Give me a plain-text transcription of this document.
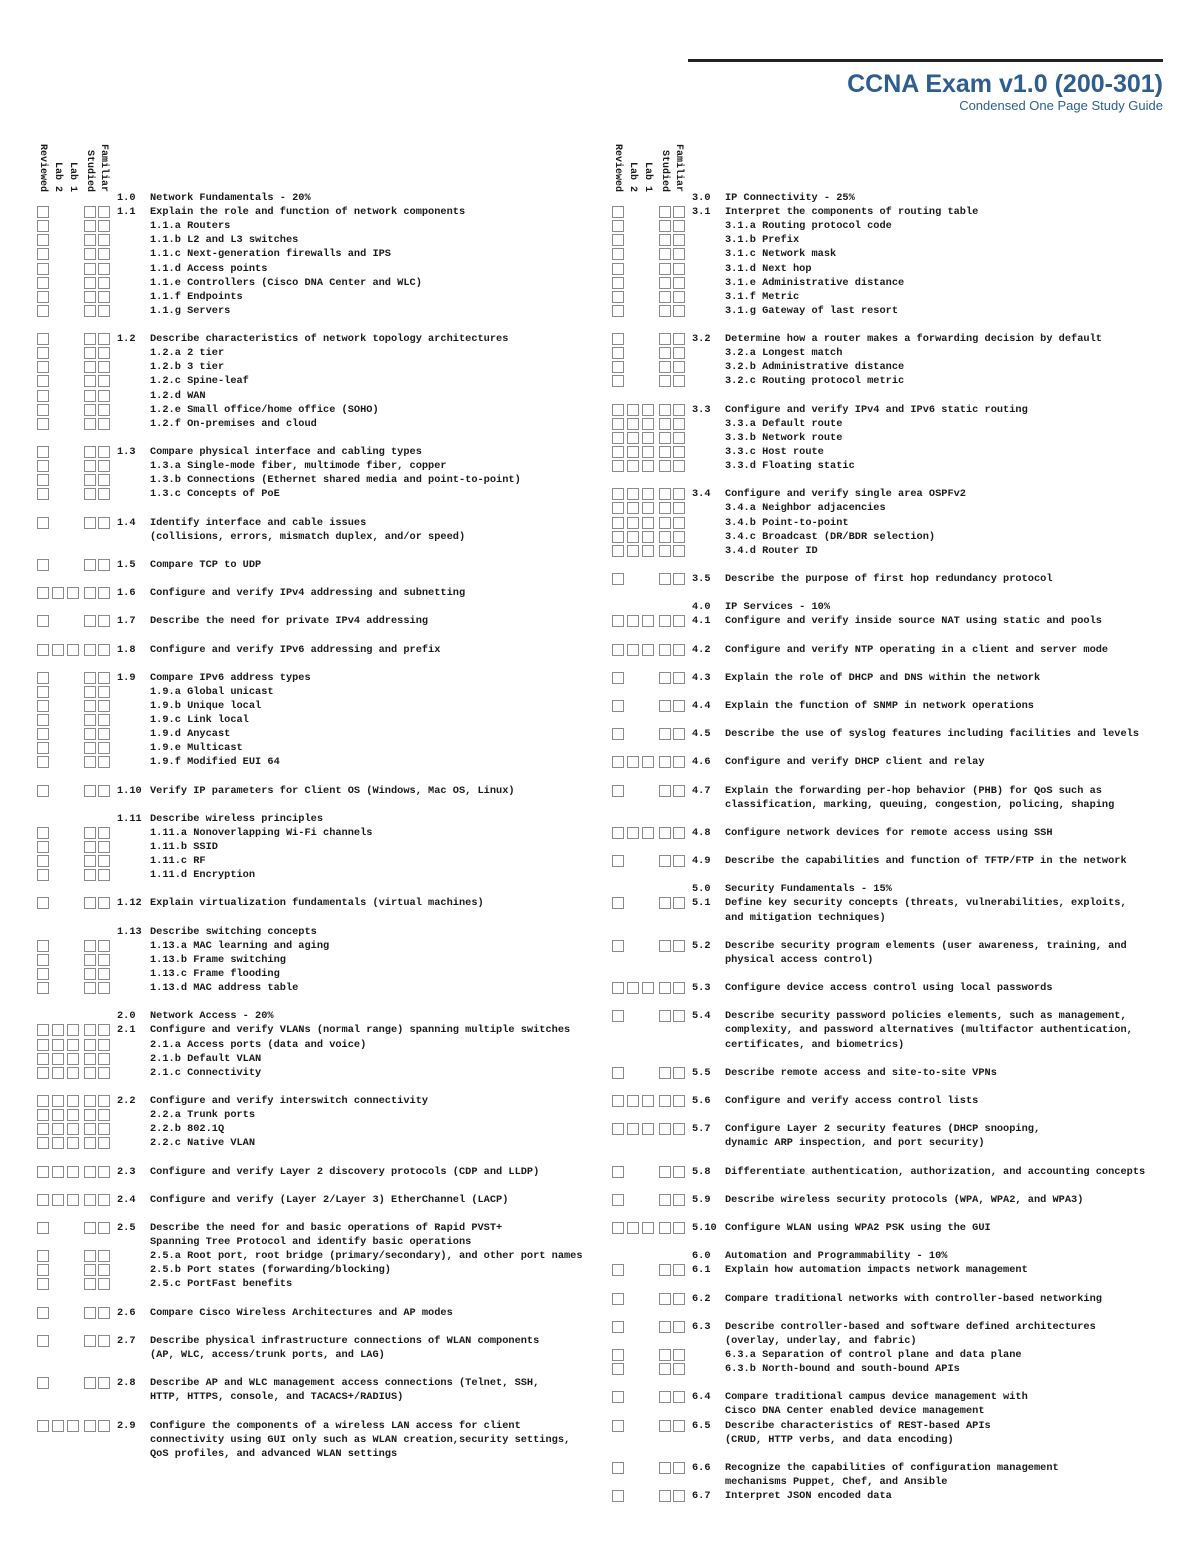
CCNA Exam v1.0 (200-301)
Condensed One Page Study Guide
Reviewed Lab 2 Lab 1 Studied Familiar	Reviewed Lab 2 Lab 1 Studied Familiar
1.0 Network Fundamentals - 20%
1.1 Explain the role and function of network components
1.1.a Routers
1.1.b L2 and L3 switches
1.1.c Next-generation firewalls and IPS
1.1.d Access points
1.1.e Controllers (Cisco DNA Center and WLC)
1.1.f Endpoints
1.1.g Servers
1.2 Describe characteristics of network topology architectures
1.2.a 2 tier
1.2.b 3 tier
1.2.c Spine-leaf
1.2.d WAN
1.2.e Small office/home office (SOHO)
1.2.f On-premises and cloud
1.3 Compare physical interface and cabling types
1.3.a Single-mode fiber, multimode fiber, copper
1.3.b Connections (Ethernet shared media and point-to-point)
1.3.c Concepts of PoE
1.4 Identify interface and cable issues
(collisions, errors, mismatch duplex, and/or speed)
1.5 Compare TCP to UDP
1.6 Configure and verify IPv4 addressing and subnetting
1.7 Describe the need for private IPv4 addressing
1.8 Configure and verify IPv6 addressing and prefix
1.9 Compare IPv6 address types
1.9.a Global unicast
1.9.b Unique local
1.9.c Link local
1.9.d Anycast
1.9.e Multicast
1.9.f Modified EUI 64
1.10 Verify IP parameters for Client OS (Windows, Mac OS, Linux)
1.11 Describe wireless principles
1.11.a Nonoverlapping Wi-Fi channels
1.11.b SSID
1.11.c RF
1.11.d Encryption
1.12 Explain virtualization fundamentals (virtual machines)
1.13 Describe switching concepts
1.13.a MAC learning and aging
1.13.b Frame switching
1.13.c Frame flooding
1.13.d MAC address table
2.0 Network Access - 20%
2.1 Configure and verify VLANs (normal range) spanning multiple switches
2.1.a Access ports (data and voice)
2.1.b Default VLAN
2.1.c Connectivity
2.2 Configure and verify interswitch connectivity
2.2.a Trunk ports
2.2.b 802.1Q
2.2.c Native VLAN
2.3 Configure and verify Layer 2 discovery protocols (CDP and LLDP)
2.4 Configure and verify (Layer 2/Layer 3) EtherChannel (LACP)
2.5 Describe the need for and basic operations of Rapid PVST+
Spanning Tree Protocol and identify basic operations
2.5.a Root port, root bridge (primary/secondary), and other port names
2.5.b Port states (forwarding/blocking)
2.5.c PortFast benefits
2.6 Compare Cisco Wireless Architectures and AP modes
2.7 Describe physical infrastructure connections of WLAN components
(AP, WLC, access/trunk ports, and LAG)
2.8 Describe AP and WLC management access connections (Telnet, SSH,
HTTP, HTTPS, console, and TACACS+/RADIUS)
2.9 Configure the components of a wireless LAN access for client
connectivity using GUI only such as WLAN creation,security settings,
QoS profiles, and advanced WLAN settings
3.0 IP Connectivity - 25%
3.1 Interpret the components of routing table
3.1.a Routing protocol code
3.1.b Prefix
3.1.c Network mask
3.1.d Next hop
3.1.e Administrative distance
3.1.f Metric
3.1.g Gateway of last resort
3.2 Determine how a router makes a forwarding decision by default
3.2.a Longest match
3.2.b Administrative distance
3.2.c Routing protocol metric
3.3 Configure and verify IPv4 and IPv6 static routing
3.3.a Default route
3.3.b Network route
3.3.c Host route
3.3.d Floating static
3.4 Configure and verify single area OSPFv2
3.4.a Neighbor adjacencies
3.4.b Point-to-point
3.4.c Broadcast (DR/BDR selection)
3.4.d Router ID
3.5 Describe the purpose of first hop redundancy protocol
4.0 IP Services - 10%
4.1 Configure and verify inside source NAT using static and pools
4.2 Configure and verify NTP operating in a client and server mode
4.3 Explain the role of DHCP and DNS within the network
4.4 Explain the function of SNMP in network operations
4.5 Describe the use of syslog features including facilities and levels
4.6 Configure and verify DHCP client and relay
4.7 Explain the forwarding per-hop behavior (PHB) for QoS such as
classification, marking, queuing, congestion, policing, shaping
4.8 Configure network devices for remote access using SSH
4.9 Describe the capabilities and function of TFTP/FTP in the network
5.0 Security Fundamentals - 15%
5.1 Define key security concepts (threats, vulnerabilities, exploits,
and mitigation techniques)
5.2 Describe security program elements (user awareness, training, and
physical access control)
5.3 Configure device access control using local passwords
5.4 Describe security password policies elements, such as management,
complexity, and password alternatives (multifactor authentication,
certificates, and biometrics)
5.5 Describe remote access and site-to-site VPNs
5.6 Configure and verify access control lists
5.7 Configure Layer 2 security features (DHCP snooping,
dynamic ARP inspection, and port security)
5.8 Differentiate authentication, authorization, and accounting concepts
5.9 Describe wireless security protocols (WPA, WPA2, and WPA3)
5.10 Configure WLAN using WPA2 PSK using the GUI
6.0 Automation and Programmability - 10%
6.1 Explain how automation impacts network management
6.2 Compare traditional networks with controller-based networking
6.3 Describe controller-based and software defined architectures
(overlay, underlay, and fabric)
6.3.a Separation of control plane and data plane
6.3.b North-bound and south-bound APIs
6.4 Compare traditional campus device management with
Cisco DNA Center enabled device management
6.5 Describe characteristics of REST-based APIs
(CRUD, HTTP verbs, and data encoding)
6.6 Recognize the capabilities of configuration management
mechanisms Puppet, Chef, and Ansible
6.7 Interpret JSON encoded data
